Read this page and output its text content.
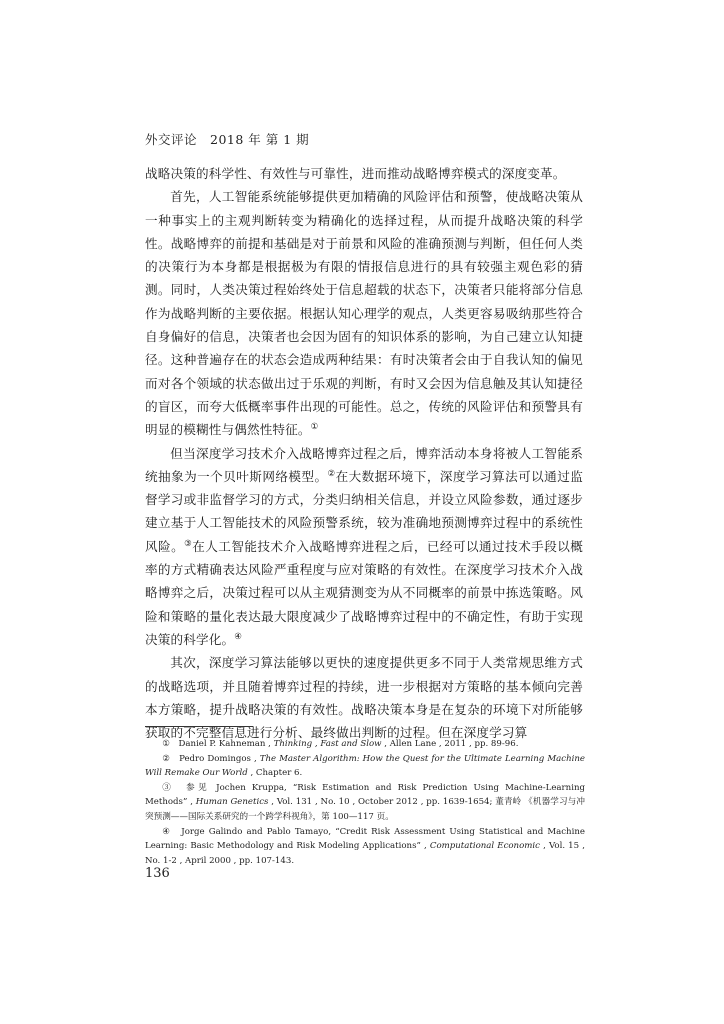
外交评论　2018 年 第 1 期

战略决策的科学性、有效性与可靠性，进而推动战略博弈模式的深度变革。

首先，人工智能系统能够提供更加精确的风险评估和预警，使战略决策从一种事实上的主观判断转变为精确化的选择过程，从而提升战略决策的科学性。战略博弈的前提和基础是对于前景和风险的准确预测与判断，但任何人类的决策行为本身都是根据极为有限的情报信息进行的具有较强主观色彩的猜测。同时，人类决策过程始终处于信息超载的状态下，决策者只能将部分信息作为战略判断的主要依据。根据认知心理学的观点，人类更容易吸纳那些符合自身偏好的信息，决策者也会因为固有的知识体系的影响，为自己建立认知捷径。这种普遍存在的状态会造成两种结果：有时决策者会由于自我认知的偏见而对各个领域的状态做出过于乐观的判断，有时又会因为信息触及其认知捷径的盲区，而夸大低概率事件出现的可能性。总之，传统的风险评估和预警具有明显的模糊性与偶然性特征。①

但当深度学习技术介入战略博弈过程之后，博弈活动本身将被人工智能系统抽象为一个贝叶斯网络模型。②在大数据环境下，深度学习算法可以通过监督学习或非监督学习的方式，分类归纳相关信息，并设立风险参数，通过逐步建立基于人工智能技术的风险预警系统，较为准确地预测博弈过程中的系统性风险。③在人工智能技术介入战略博弈进程之后，已经可以通过技术手段以概率的方式精确表达风险严重程度与应对策略的有效性。在深度学习技术介入战略博弈之后，决策过程可以从主观猜测变为从不同概率的前景中拣选策略。风险和策略的量化表达最大限度减少了战略博弈过程中的不确定性，有助于实现决策的科学化。④

其次，深度学习算法能够以更快的速度提供更多不同于人类常规思维方式的战略选项，并且随着博弈过程的持续，进一步根据对方策略的基本倾向完善本方策略，提升战略决策的有效性。战略决策本身是在复杂的环境下对所能够获取的不完整信息进行分析、最终做出判断的过程。但在深度学习算

①　 Daniel P. Kahneman , Thinking , Fast and Slow , Allen Lane , 2011 , pp. 89-96.

②　 Pedro Domingos , The Master Algorithm: How the Quest for the Ultimate Learning Machine Will Remake Our World , Chapter 6.

③　 参见 Jochen Kruppa, “Risk Estimation and Risk Prediction Using Machine-Learning Methods” , Human Genetics , Vol. 131 , No. 10 , October 2012 , pp. 1639-1654; 董青岭 《机器学习与冲突预测——国际关系研究的一个跨学科视角》，第 100—117 页。

④　 Jorge Galindo and Pablo Tamayo, “Credit Risk Assessment Using Statistical and Machine Learning: Basic Methodology and Risk Modeling Applications” , Computational Economic , Vol. 15 , No. 1-2 , April 2000 , pp. 107-143.

136
